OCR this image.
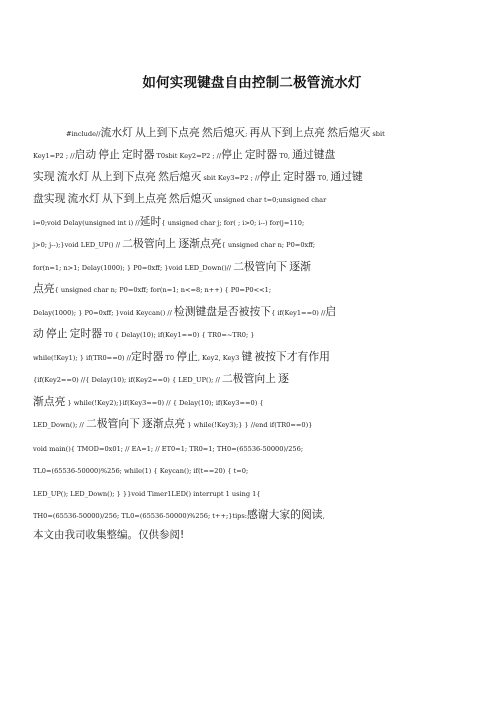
如何实现键盘自由控制二极管流水灯
#include//流水灯 从上到下点亮 然后熄灭; 再从下到上点亮 然后熄灭 sbit
Key1=P2 ; //启动 停止 定时器 T0sbit Key2=P2 ; //停止 定时器 T0, 通过键盘
实现 流水灯 从上到下点亮 然后熄灭 sbit Key3=P2 ; //停止 定时器 T0, 通过键
盘实现 流水灯 从下到上点亮 然后熄灭 unsigned char t=0;unsigned char
i=0;void Delay(unsigned int i) //延时{ unsigned char j; for( ; i>0; i--) for(j=110;
j>0; j--);}void LED_UP() // 二极管向上 逐渐点亮{ unsigned char n; P0=0xff;
for(n=1; n>1; Delay(1000); } P0=0xff; }void LED_Down()// 二极管向下 逐渐
点亮{ unsigned char n; P0=0xff; for(n=1; n<=8; n++) { P0=P0<<1;
Delay(1000); } P0=0xff; }void Keycan() // 检测键盘是否被按下{ if(Key1==0) //启
动 停止 定时器 T0 { Delay(10); if(Key1==0) { TR0=~TR0; }
while(!Key1); } if(TR0==0) //定时器 T0 停止, Key2, Key3 键 被按下才有作用
{if(Key2==0) //{ Delay(10); if(Key2==0) { LED_UP(); // 二极管向上 逐
渐点亮 } while(!Key2);}if(Key3==0) // { Delay(10); if(Key3==0) {
LED_Down(); // 二极管向下 逐渐点亮 } while(!Key3);} } //end if(TR0==0)}
void main(){ TMOD=0x01; // EA=1; // ET0=1; TR0=1; TH0=(65536-50000)/256;
TL0=(65536-50000)%256; while(1) { Keycan(); if(t==20) { t=0;
LED_UP(); LED_Down(); } }}void Timer1LED() interrupt 1 using 1{
TH0=(65536-50000)/256; TL0=(65536-50000)%256; t++;}tips:感谢大家的阅读,
本文由我司收集整编。仅供参阅!
